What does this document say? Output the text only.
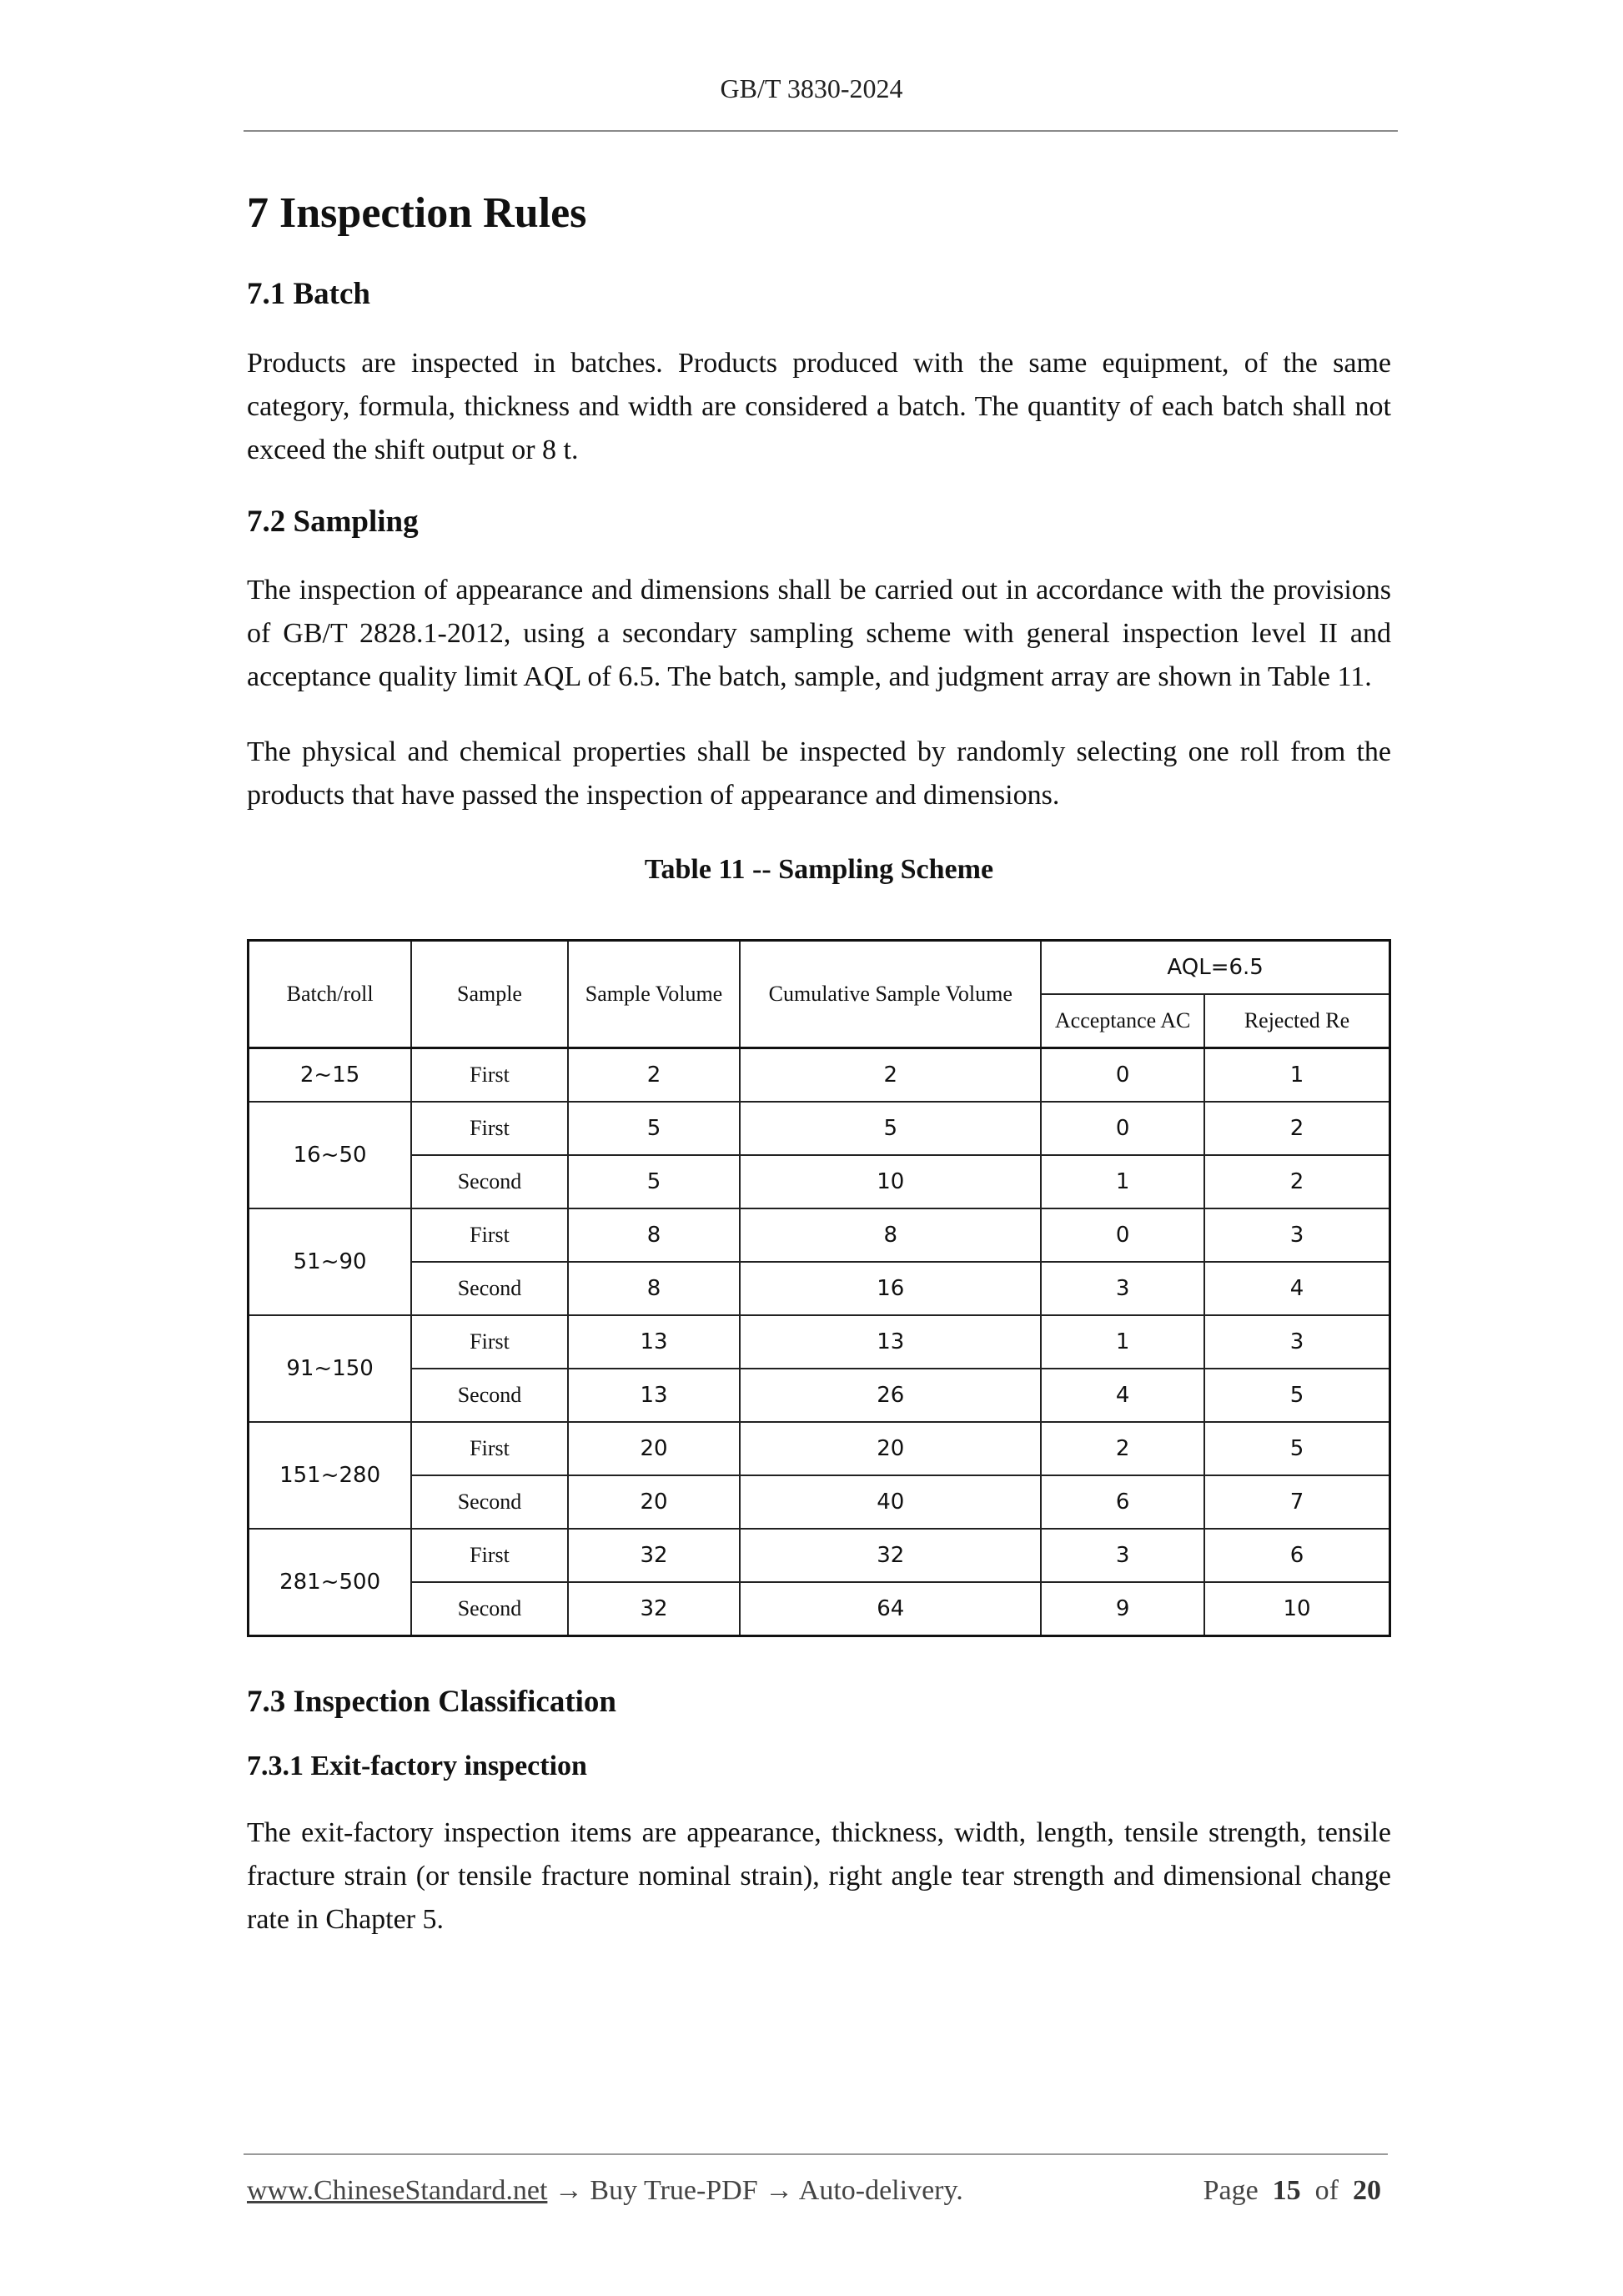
GB/T 3830-2024
7 Inspection Rules
7.1 Batch

Products are inspected in batches. Products produced with the same equipment, of the same category, formula, thickness and width are considered a batch. The quantity of each batch shall not exceed the shift output or 8 t.

7.2 Sampling

The inspection of appearance and dimensions shall be carried out in accordance with the provisions of GB/T 2828.1-2012, using a secondary sampling scheme with general inspection level II and acceptance quality limit AQL of 6.5. The batch, sample, and judgment array are shown in Table 11.

The physical and chemical properties shall be inspected by randomly selecting one roll from the products that have passed the inspection of appearance and dimensions.

Table 11 -- Sampling Scheme
Batch/roll	Sample	Sample Volume	Cumulative Sample Volume	AQL=6.5	
				Acceptance AC	Rejected Re
2~15	First	2	2	0	1
16~50	First	5	5	0	2
	Second	5	10	1	2
51~90	First	8	8	0	3
	Second	8	16	3	4
91~150	First	13	13	1	3
	Second	13	26	4	5
151~280	First	20	20	2	5
	Second	20	40	6	7
281~500	First	32	32	3	6
	Second	32	64	9	10
7.3 Inspection Classification
7.3.1 Exit-factory inspection

The exit-factory inspection items are appearance, thickness, width, length, tensile strength, tensile fracture strain (or tensile fracture nominal strain), right angle tear strength and dimensional change rate in Chapter 5.

www.ChineseStandard.net → Buy True-PDF → Auto-delivery.	Page 15 of 20
